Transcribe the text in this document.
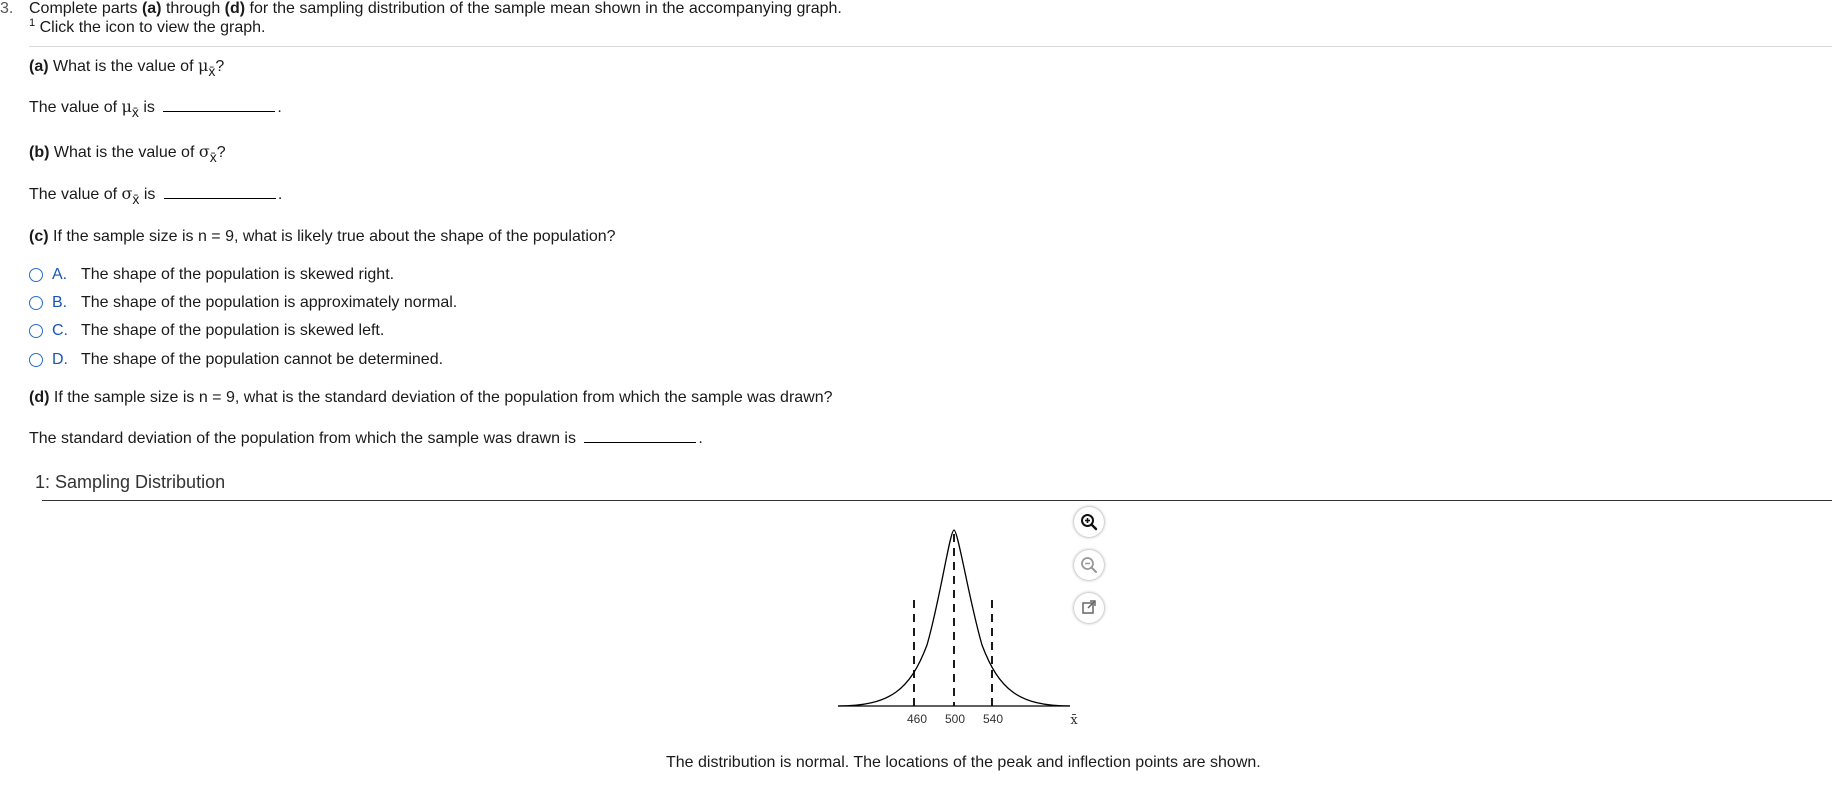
3. Complete parts (a) through (d) for the sampling distribution of the sample mean shown in the accompanying graph.
$^1$ Click the icon to view the graph.
(a) What is the value of μx̄?
The value of μx̄ is	.
(b) What is the value of σx̄?
The value of σx̄ is	.
(c) If the sample size is n = 9, what is likely true about the shape of the population?
A. The shape of the population is skewed right.
B. The shape of the population is approximately normal.
C. The shape of the population is skewed left.
D. The shape of the population cannot be determined.
(d) If the sample size is n = 9, what is the standard deviation of the population from which the sample was drawn?
The standard deviation of the population from which the sample was drawn is	.
1: Sampling Distribution
460 500 540	x̄
The distribution is normal. The locations of the peak and inflection points are shown.
